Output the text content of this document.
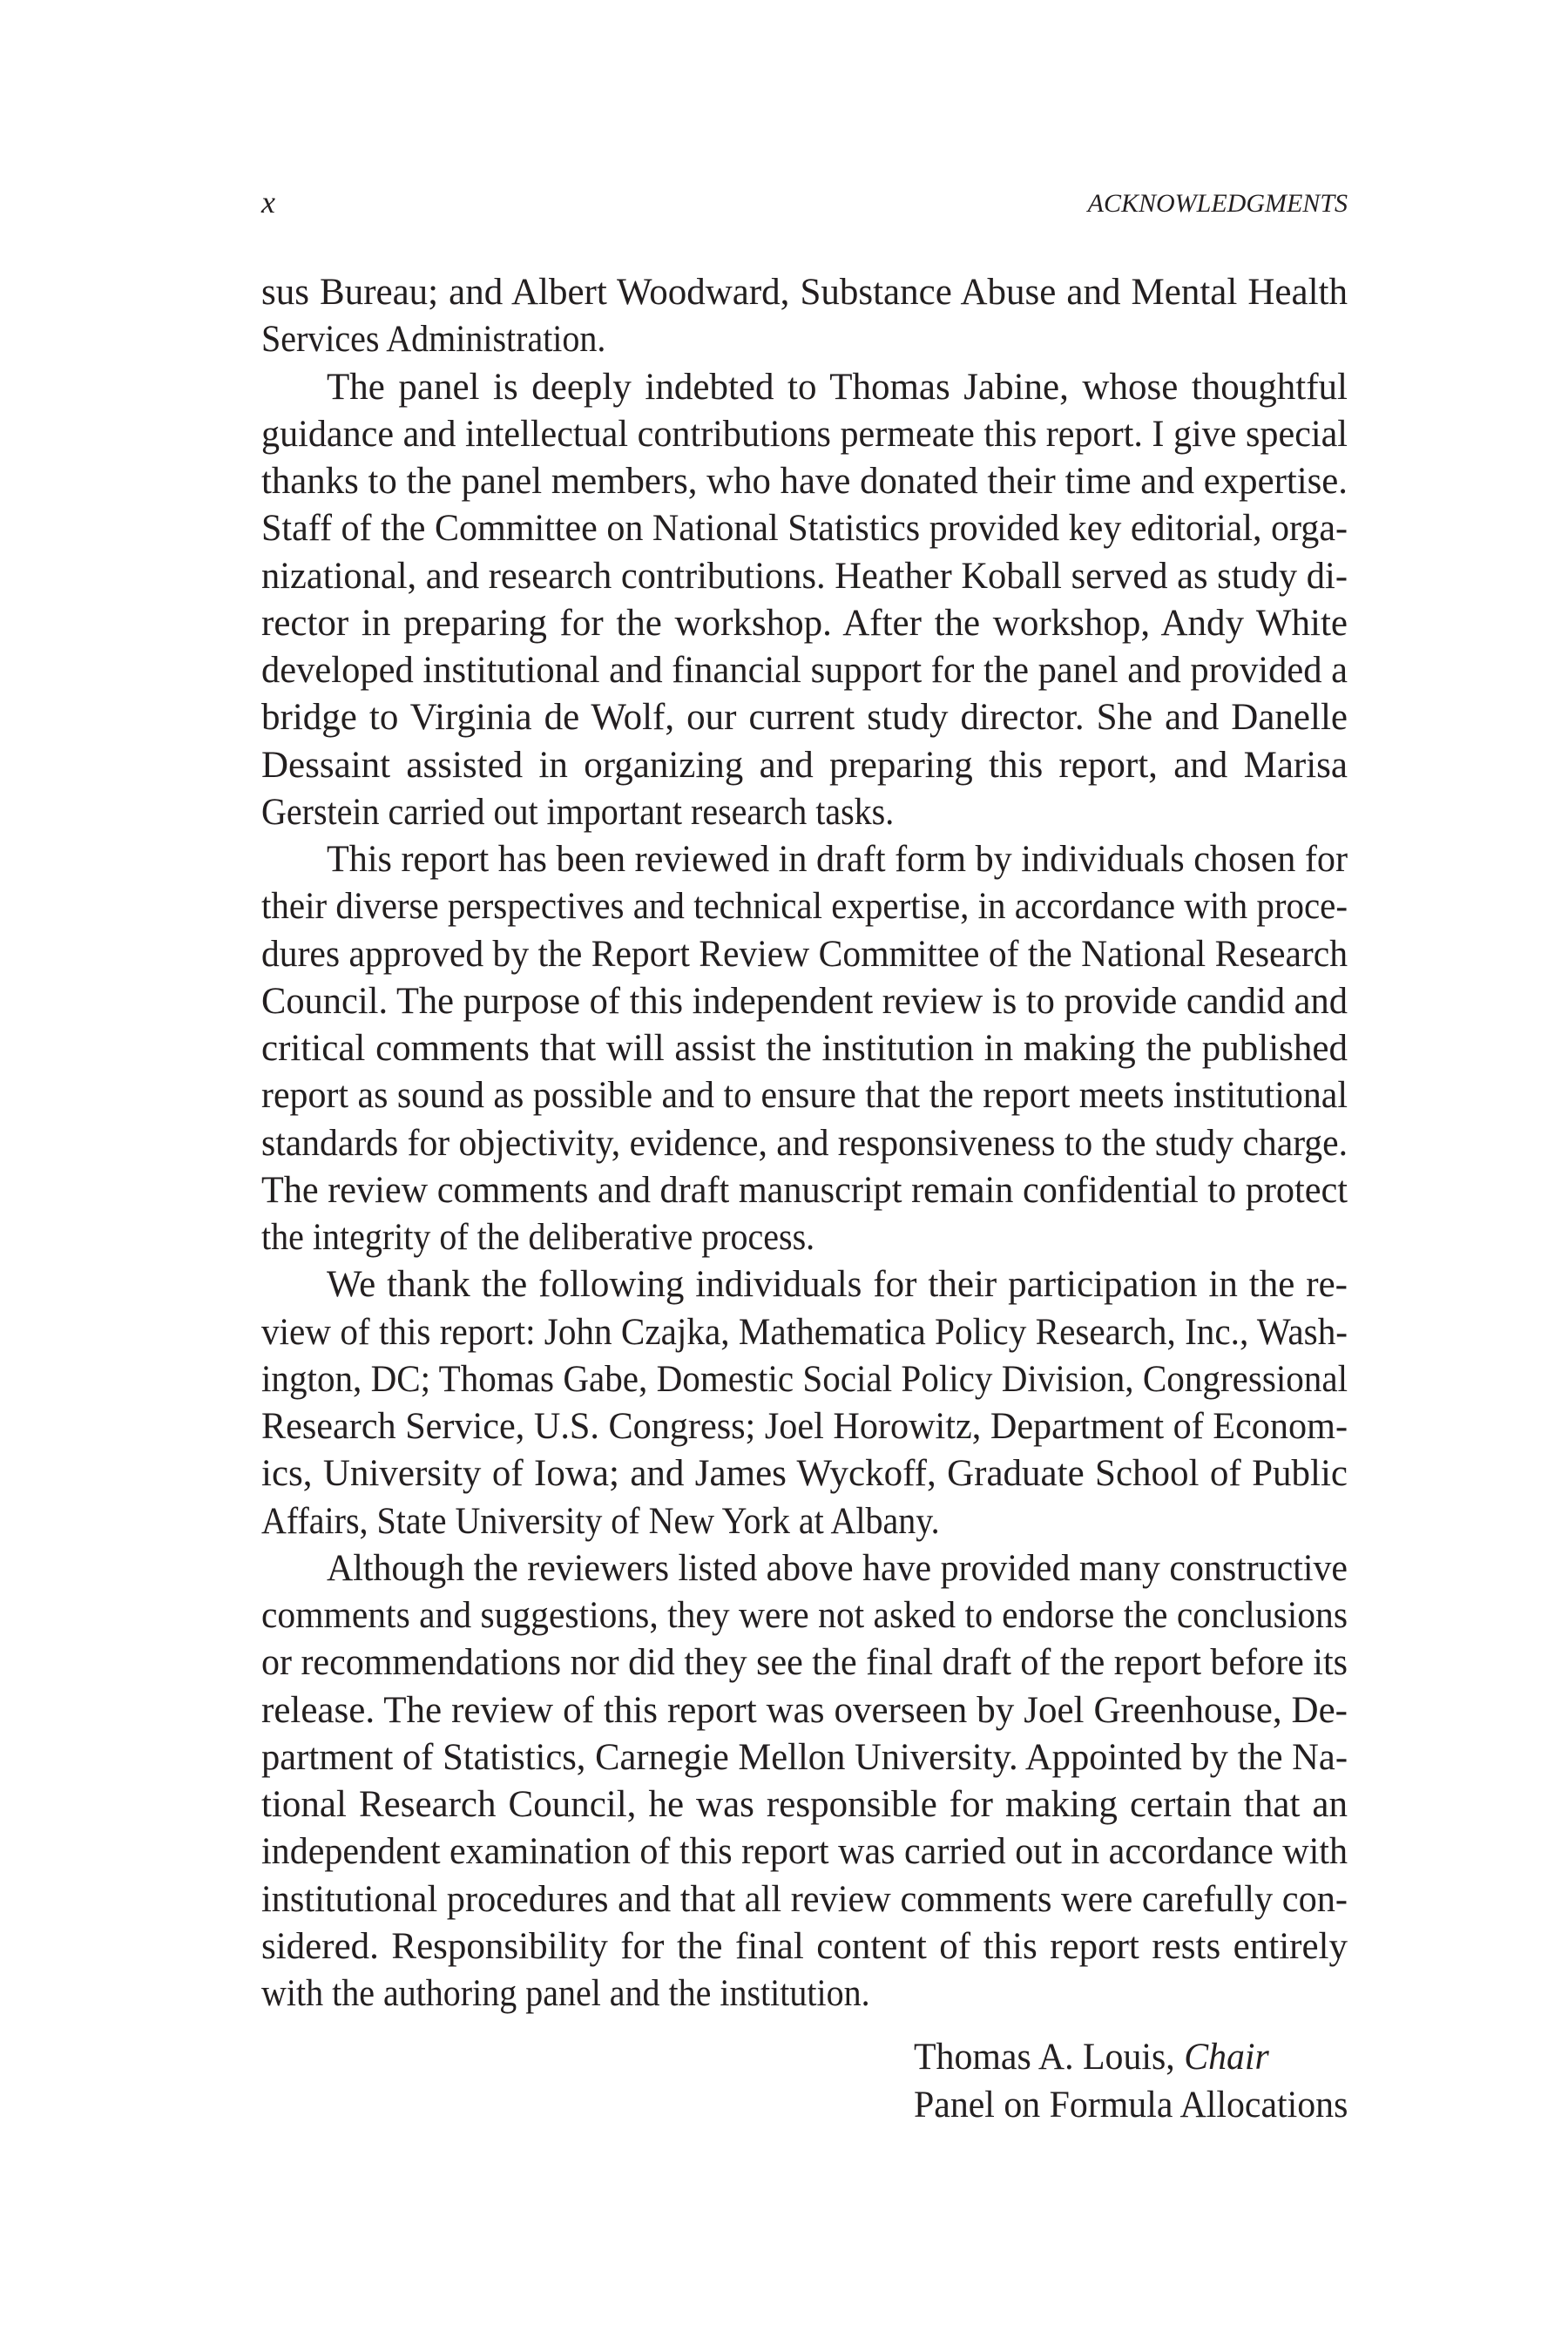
x	ACKNOWLEDGMENTS
sus Bureau; and Albert Woodward, Substance Abuse and Mental Health
Services Administration.
The panel is deeply indebted to Thomas Jabine, whose thoughtful
guidance and intellectual contributions permeate this report. I give special
thanks to the panel members, who have donated their time and expertise.
Staff of the Committee on National Statistics provided key editorial, orga-
nizational, and research contributions. Heather Koball served as study di-
rector in preparing for the workshop. After the workshop, Andy White
developed institutional and financial support for the panel and provided a
bridge to Virginia de Wolf, our current study director. She and Danelle
Dessaint assisted in organizing and preparing this report, and Marisa
Gerstein carried out important research tasks.
This report has been reviewed in draft form by individuals chosen for
their diverse perspectives and technical expertise, in accordance with proce-
dures approved by the Report Review Committee of the National Research
Council. The purpose of this independent review is to provide candid and
critical comments that will assist the institution in making the published
report as sound as possible and to ensure that the report meets institutional
standards for objectivity, evidence, and responsiveness to the study charge.
The review comments and draft manuscript remain confidential to protect
the integrity of the deliberative process.
We thank the following individuals for their participation in the re-
view of this report: John Czajka, Mathematica Policy Research, Inc., Wash-
ington, DC; Thomas Gabe, Domestic Social Policy Division, Congressional
Research Service, U.S. Congress; Joel Horowitz, Department of Econom-
ics, University of Iowa; and James Wyckoff, Graduate School of Public
Affairs, State University of New York at Albany.
Although the reviewers listed above have provided many constructive
comments and suggestions, they were not asked to endorse the conclusions
or recommendations nor did they see the final draft of the report before its
release. The review of this report was overseen by Joel Greenhouse, De-
partment of Statistics, Carnegie Mellon University. Appointed by the Na-
tional Research Council, he was responsible for making certain that an
independent examination of this report was carried out in accordance with
institutional procedures and that all review comments were carefully con-
sidered. Responsibility for the final content of this report rests entirely
with the authoring panel and the institution.
Thomas A. Louis, Chair
Panel on Formula Allocations
